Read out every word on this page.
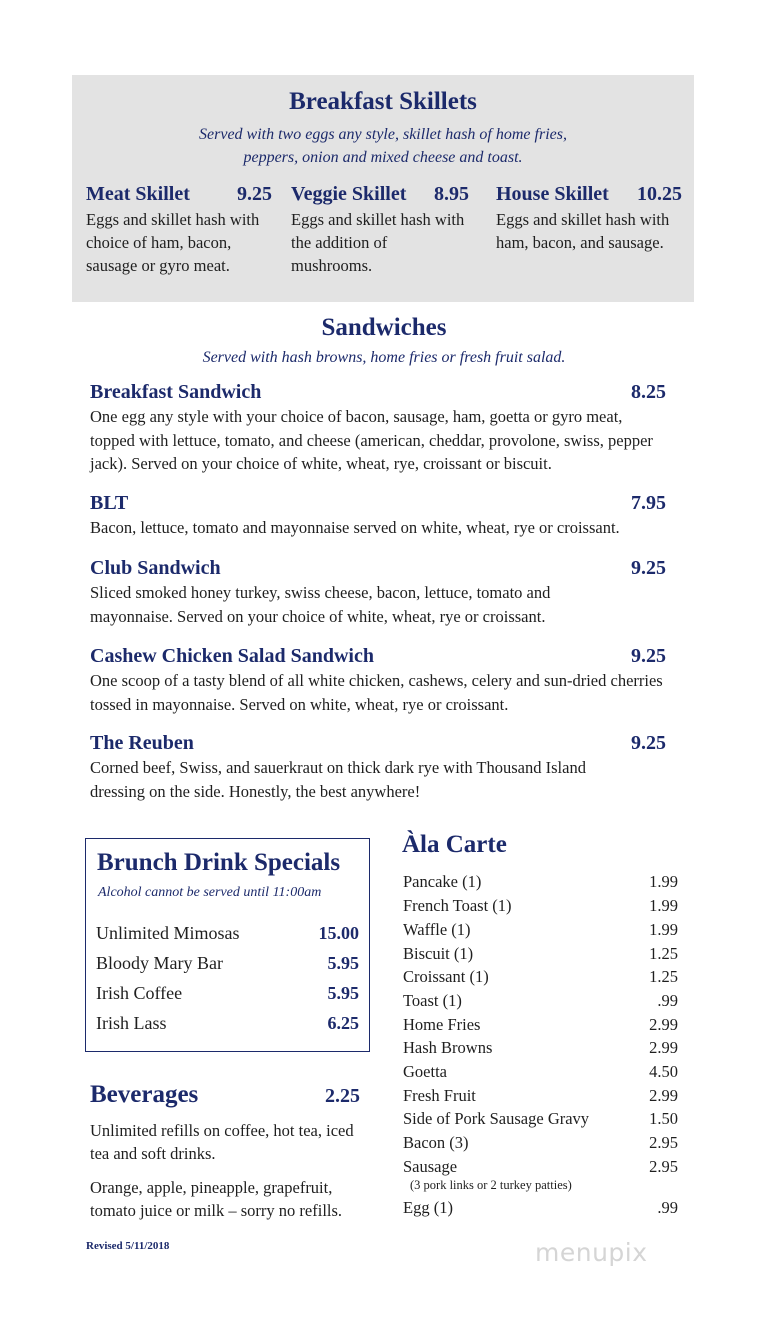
Breakfast Skillets
Served with two eggs any style, skillet hash of home fries,
peppers, onion and mixed cheese and toast.
Meat Skillet 9.25
Eggs and skillet hash with choice of ham, bacon, sausage or gyro meat.
Veggie Skillet 8.95
Eggs and skillet hash with the addition of mushrooms.
House Skillet 10.25
Eggs and skillet hash with ham, bacon, and sausage.
Sandwiches
Served with hash browns, home fries or fresh fruit salad.
Breakfast Sandwich	8.25
One egg any style with your choice of bacon, sausage, ham, goetta or gyro meat, topped with lettuce, tomato, and cheese (american, cheddar, provolone, swiss, pepper jack). Served on your choice of white, wheat, rye, croissant or biscuit.
BLT	7.95
Bacon, lettuce, tomato and mayonnaise served on white, wheat, rye or croissant.
Club Sandwich	9.25
Sliced smoked honey turkey, swiss cheese, bacon, lettuce, tomato and mayonnaise. Served on your choice of white, wheat, rye or croissant.
Cashew Chicken Salad Sandwich	9.25
One scoop of a tasty blend of all white chicken, cashews, celery and sun-dried cherries tossed in mayonnaise. Served on white, wheat, rye or croissant.
The Reuben	9.25
Corned beef, Swiss, and sauerkraut on thick dark rye with Thousand Island dressing on the side. Honestly, the best anywhere!
Brunch Drink Specials
Alcohol cannot be served until 11:00am
Unlimited Mimosas	15.00
Bloody Mary Bar	5.95
Irish Coffee	5.95
Irish Lass	6.25
Beverages	2.25
Unlimited refills on coffee, hot tea, iced tea and soft drinks.
Orange, apple, pineapple, grapefruit, tomato juice or milk – sorry no refills.
Àla Carte
Pancake (1)	1.99
French Toast (1)	1.99
Waffle (1)	1.99
Biscuit (1)	1.25
Croissant (1)	1.25
Toast (1)	.99
Home Fries	2.99
Hash Browns	2.99
Goetta	4.50
Fresh Fruit	2.99
Side of Pork Sausage Gravy	1.50
Bacon (3)	2.95
Sausage	2.95
Egg (1)	.99
(3 pork links or 2 turkey patties)
Revised 5/11/2018	menupix
